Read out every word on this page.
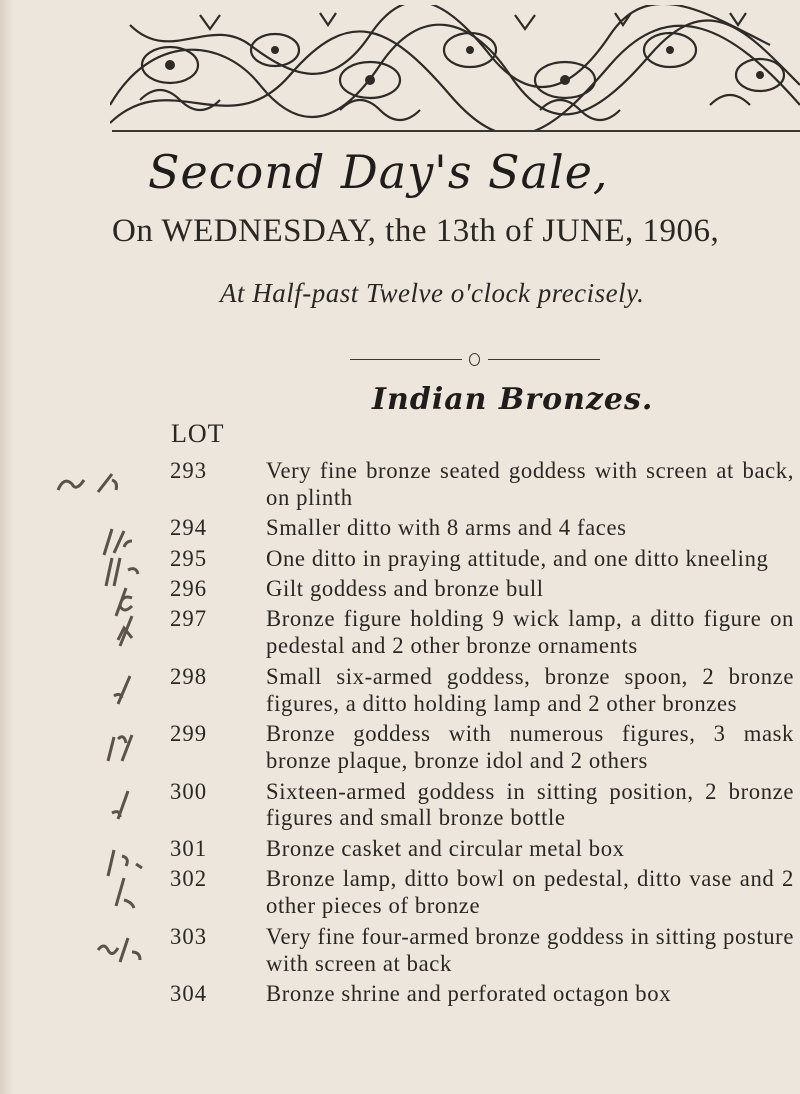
Second Day's Sale,
On WEDNESDAY, the 13th of JUNE, 1906,
At Half-past Twelve o'clock precisely.
Indian Bronzes.
LOT
293	Very fine bronze seated goddess with screen at back, on plinth
294	Smaller ditto with 8 arms and 4 faces
295	One ditto in praying attitude, and one ditto kneeling
296	Gilt goddess and bronze bull
297	Bronze figure holding 9 wick lamp, a ditto figure on pedestal and 2 other bronze ornaments
298	Small six-armed goddess, bronze spoon, 2 bronze figures, a ditto holding lamp and 2 other bronzes
299	Bronze goddess with numerous figures, 3 mask bronze plaque, bronze idol and 2 others
300	Sixteen-armed goddess in sitting position, 2 bronze figures and small bronze bottle
301	Bronze casket and circular metal box
302	Bronze lamp, ditto bowl on pedestal, ditto vase and 2 other pieces of bronze
303	Very fine four-armed bronze goddess in sitting posture with screen at back
304	Bronze shrine and perforated octagon box
